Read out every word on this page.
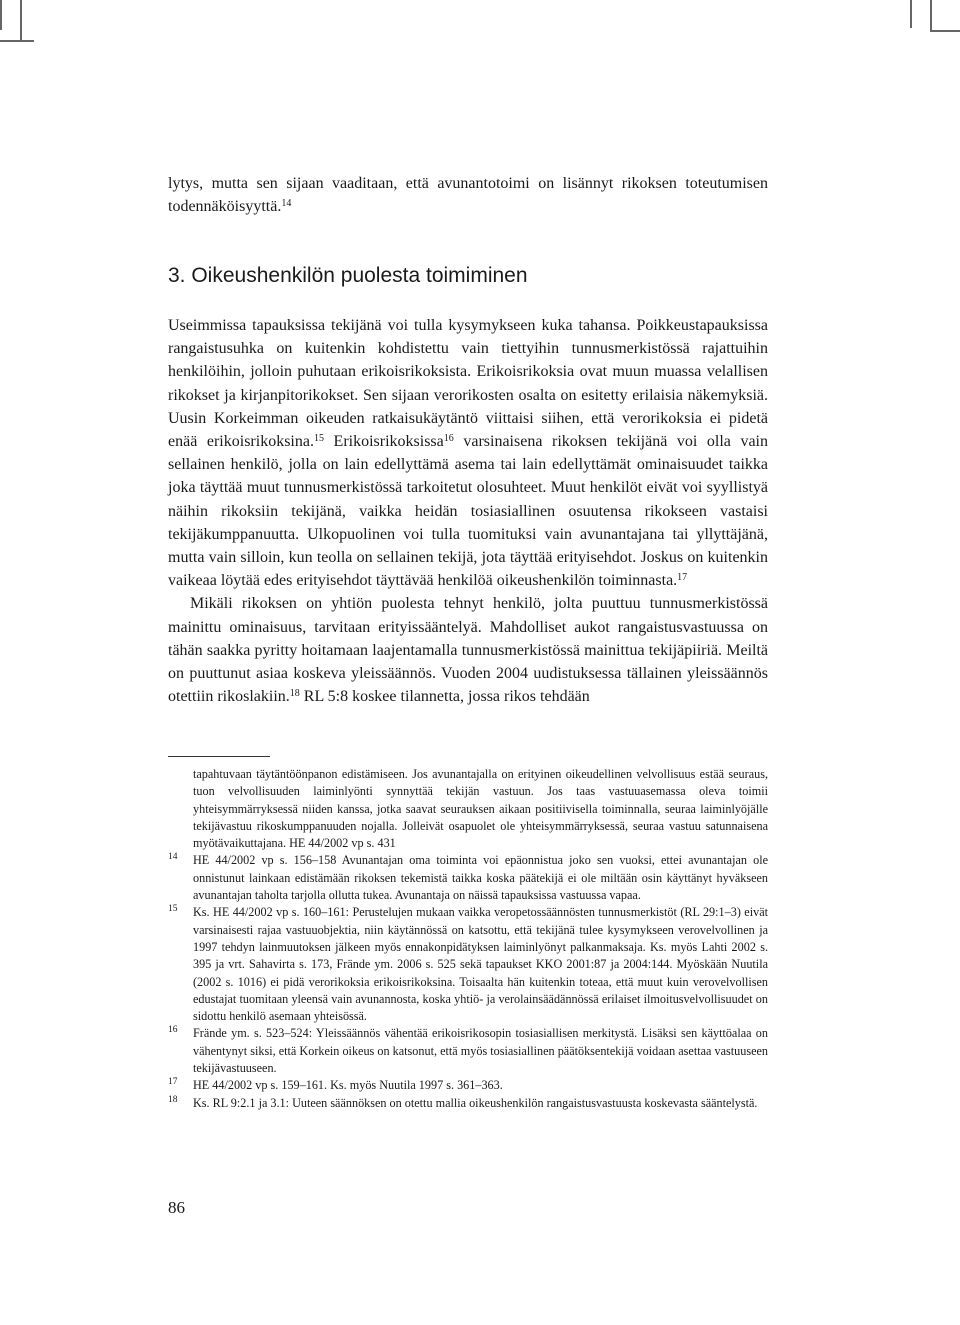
lytys, mutta sen sijaan vaaditaan, että avunantotoimi on lisännyt rikoksen toteutumisen todennäköisyyttä.$^{14}$

3. Oikeushenkilön puolesta toimiminen

Useimmissa tapauksissa tekijänä voi tulla kysymykseen kuka tahansa. Poikkeustapauksissa rangaistusuhka on kuitenkin kohdistettu vain tiettyihin tunnusmerkistössä rajattuihin henkilöihin, jolloin puhutaan erikoisrikoksista. Erikoisrikoksia ovat muun muassa velallisen rikokset ja kirjanpitorikokset. Sen sijaan verorikosten osalta on esitetty erilaisia näkemyksiä. Uusin Korkeimman oikeuden ratkaisukäytäntö viittaisi siihen, että verorikoksia ei pidetä enää erikoisrikoksina.$^{15}$ Erikoisrikoksissa$^{16}$ varsinaisena rikoksen tekijänä voi olla vain sellainen henkilö, jolla on lain edellyttämä asema tai lain edellyttämät ominaisuudet taikka joka täyttää muut tunnusmerkistössä tarkoitetut olosuhteet. Muut henkilöt eivät voi syyllistyä näihin rikoksiin tekijänä, vaikka heidän tosiasiallinen osuutensa rikokseen vastaisi tekijäkumppanuutta. Ulkopuolinen voi tulla tuomituksi vain avunantajana tai yllyttäjänä, mutta vain silloin, kun teolla on sellainen tekijä, jota täyttää erityisehdot. Joskus on kuitenkin vaikeaa löytää edes erityisehdot täyttävää henkilöä oikeushenkilön toiminnasta.$^{17}$

Mikäli rikoksen on yhtiön puolesta tehnyt henkilö, jolta puuttuu tunnusmerkistössä mainittu ominaisuus, tarvitaan erityissääntelyä. Mahdolliset aukot rangaistusvastuussa on tähän saakka pyritty hoitamaan laajentamalla tunnusmerkistössä mainittua tekijäpiiriä. Meiltä on puuttunut asiaa koskeva yleissäännös. Vuoden 2004 uudistuksessa tällainen yleissäännös otettiin rikoslakiin.$^{18}$ RL 5:8 koskee tilannetta, jossa rikos tehdään

tapahtuvaan täytäntöönpanon edistämiseen. Jos avunantajalla on erityinen oikeudellinen velvollisuus estää seuraus, tuon velvollisuuden laiminlyönti synnyttää tekijän vastuun. Jos taas vastuuasemassa oleva toimii yhteisymmärryksessä niiden kanssa, jotka saavat seurauksen aikaan positiivisella toiminnalla, seuraa laiminlyöjälle tekijävastuu rikoskumppanuuden nojalla. Jolleivät osapuolet ole yhteisymmärryksessä, seuraa vastuu satunnaisena myötävaikuttajana. HE 44/2002 vp s. 431
14 HE 44/2002 vp s. 156–158 Avunantajan oma toiminta voi epäonnistua joko sen vuoksi, ettei avunantajan ole onnistunut lainkaan edistämään rikoksen tekemistä taikka koska päätekijä ei ole miltään osin käyttänyt hyväkseen avunantajan taholta tarjolla ollutta tukea. Avunantaja on näissä tapauksissa vastuussa vapaa.
15 Ks. HE 44/2002 vp s. 160–161: Perustelujen mukaan vaikka veropetossäännösten tunnusmerkistöt (RL 29:1–3) eivät varsinaisesti rajaa vastuuobjektia, niin käytännössä on katsottu, että tekijänä tulee kysymykseen verovelvollinen ja 1997 tehdyn lainmuutoksen jälkeen myös ennakonpidätyksen laiminlyönyt palkanmaksaja. Ks. myös Lahti 2002 s. 395 ja vrt. Sahavirta s. 173, Frände ym. 2006 s. 525 sekä tapaukset KKO 2001:87 ja 2004:144. Myöskään Nuutila (2002 s. 1016) ei pidä verorikoksia erikoisrikoksina. Toisaalta hän kuitenkin toteaa, että muut kuin verovelvollisen edustajat tuomitaan yleensä vain avunannosta, koska yhtiö- ja verolainsäädännössä erilaiset ilmoitusvelvollisuudet on sidottu henkilö asemaan yhteisössä.
16 Frände ym. s. 523–524: Yleissäännös vähentää erikoisrikosopin tosiasiallisen merkitystä. Lisäksi sen käyttöalaa on vähentynyt siksi, että Korkein oikeus on katsonut, että myös tosiasiallinen päätöksentekijä voidaan asettaa vastuuseen tekijävastuuseen.
17 HE 44/2002 vp s. 159–161. Ks. myös Nuutila 1997 s. 361–363.
18 Ks. RL 9:2.1 ja 3.1: Uuteen säännöksen on otettu mallia oikeushenkilön rangaistusvastuusta koskevasta sääntelystä.
86
